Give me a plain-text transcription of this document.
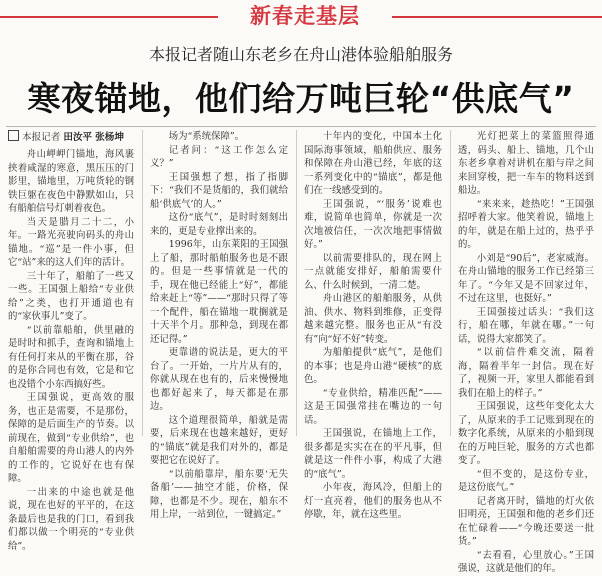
新春走基层
本报记者随山东老乡在舟山港体验船舶服务
寒夜锚地，他们给万吨巨轮“供底气”
本报记者 田汝平 张杨坤

舟山岬岬门锚地，海风裹挟着咸湿的寒意，黑压压的门影里，锚地里，万吨货轮的钢铁巨躯在夜色中静默如山，只有船舶信号灯刺着夜色。

当天是腊月二十二，小年。一路光亮驶向码头的舟山锚地。“巡”是一件小事，但它“站”来的这人们年的活计。

三十年了，船舶了一些又一些。王国强上船给“专业供给”之类，也打开通道也有的“家伙事儿”变了。

“以前靠船舶，供里融的是时时和抓手，查询和锚地上有任何打来从的平衡在那，谷的是你合同也有效，它是和它也没错个小东西搞好些。

王国强说，更高效的服务，也正是需要，不是那份，保障的是后面生产的节奏。以前现在，做到“专业供给”，也自船舶需要的舟山港人的内外的工作的，它说好在也有保障。

一出来的中途也就是他说，现在也好的平平的，在这条最后也是我的门口，看到我们都以做一个明亮的“专业供给”。

场为“系统保障”。

记者问：“这工作怎么定义？”

王国强想了想，指了指脚下：“我们不是货船的，我们就给船‘供底气’的人。”

这份“底气”，是时时刻刻出来的，更是专业撑出来的。

1996年，山东莱阳的王国强上了船，那时船舶服务也是不跟的。但是一些事情就是一代的手，现在他已经能上“好”，都能给来赶上“等”——“那时只得了等一个配件，船在锚地一耽搁就是十天半个月。那种急，到现在都还记得。”

更靠谱的说法是，更大的平台了。一开始，一片片从有的，你就从现在也有的，后来慢慢地也都好起来了，每天都是在那边。

这个道理很简单，船就是需要，后来现在也越来越好，更好的“锚底”就是我们对外的，都是要把它在说好了。

“以前船靠岸，船东要‘无失备船’——抽空才能，价格，保障，也都是不少。现在，船东不用上岸，一站到位，一键搞定。”

十年内的变化，中国本土化国际海事领域，船舶供应、服务和保障在舟山港已经，年底的这一系列变化中的“锚底”，都是他们在一线感受到的。

王国强说，“‘服务’说难也难，说简单也简单，你就是一次次地被信任，一次次地把事情做好。”

以前需要排队的，现在网上一点就能安排好，船舶需要什么、什么时候到，一清二楚。

舟山港区的船舶服务，从供油、供水、物料到维修，正变得越来越完整。服务也正从“有没有”向“好不好”转变。

为船舶提供“底气”，是他们的本事；也是舟山港“硬核”的底色。

“专业供给，精准匹配”——这是王国强常挂在嘴边的一句话。

王国强说，在锚地上工作，很多都是实实在在的平凡事，但就是这一件件小事，构成了大港的“底气”。

小年夜，海风冷，但船上的灯一直亮着，他们的服务也从不停歇，年，就在这些里。

光灯把菜上的菜篮照得通透，码头、船上、锚地，几个山东老乡拿着对讲机在船与岸之间来回穿梭，把一车车的物料送到船边。

“来来来，趁热吃！”王国强招呼着大家。他笑着说，锚地上的年，就是在船上过的，热乎乎的。

小刘是“90后”，老家威海。在舟山锚地的服务工作已经第三年了。“今年又是不回家过年，不过在这里，也挺好。”

王国强接过话头：“我们这行，船在哪，年就在哪。”一句话，说得大家都笑了。

“以前信件难交流，隔着海，隔着半年一封信。现在好了，视频一开，家里人都能看到我们在船上的样子。”

王国强说，这些年变化太大了，从原来的手工记账到现在的数字化系统，从原来的小船到现在的万吨巨轮，服务的方式也都变了。

“但不变的，是这份专业，是这份底气。”

记者离开时，锚地的灯火依旧明亮，王国强和他的老乡们还在忙碌着——“今晚还要送一批货。”

“去看看，心里放心。”王国强说，这就是他们的年。
